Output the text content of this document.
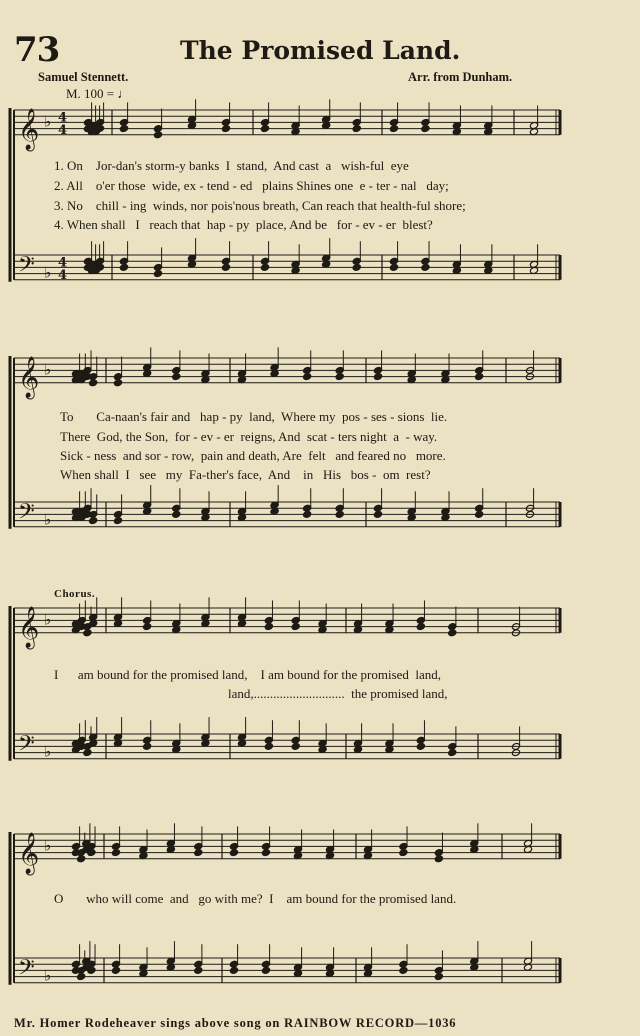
73	The Promised Land.
Samuel Stennett.	Arr. from Dunham.
M. 100 = ♩
𝄞 ♭
𝄢 ♭
4
4
4
4
𝄞 ♭
𝄢 ♭
𝄞 ♭
𝄢 ♭
𝄞 ♭
𝄢 ♭
1. On    Jor-dan's storm-y banks  I  stand,  And cast  a   wish-ful  eye
2. All    o'er those  wide, ex - tend - ed   plains Shines one  e - ter - nal   day;
3. No    chill - ing  winds, nor pois'nous breath, Can reach that health-ful shore;
4. When shall   I   reach that  hap - py  place, And be   for - ev - er  blest?
To       Ca-naan's fair and   hap - py  land,  Where my  pos - ses - sions  lie.
There  God, the Son,  for - ev - er  reigns, And  scat - ters night  a  - way.
Sick - ness  and sor - row,  pain and death, Are  felt   and feared no   more.
When shall  I   see   my  Fa-ther's face,  And    in   His   bos -  om  rest?
Chorus.
I      am bound for the promised land,    I am bound for the promised  land,
land,............................  the promised land,
O       who will come  and   go with me?  I    am bound for the promised land.
Mr. Homer Rodeheaver sings above song on RAINBOW RECORD—1036
